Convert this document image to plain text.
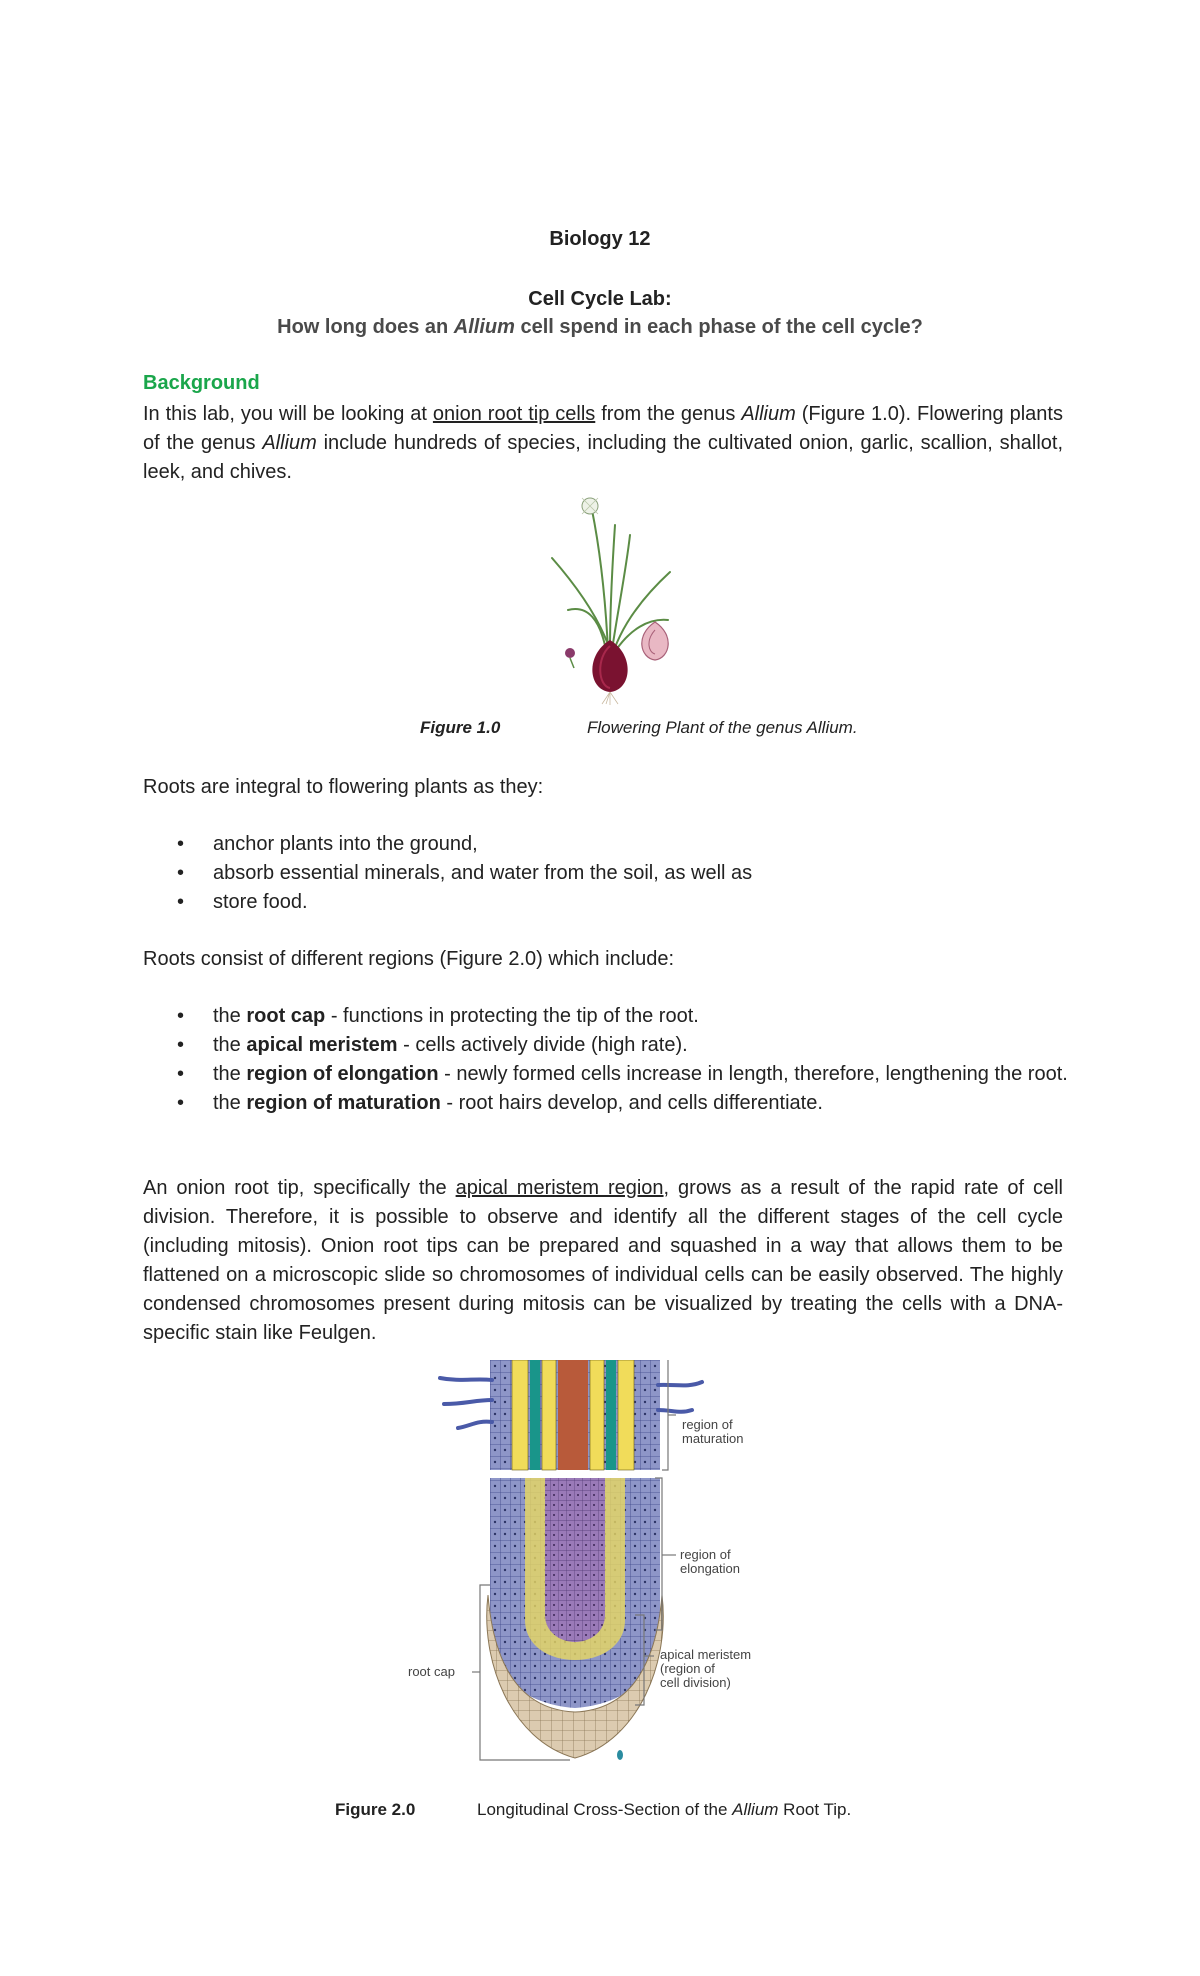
Biology 12
Cell Cycle Lab:
How long does an Allium cell spend in each phase of the cell cycle?
Background
In this lab, you will be looking at onion root tip cells from the genus Allium (Figure 1.0). Flowering plants of the genus Allium include hundreds of species, including the cultivated onion, garlic, scallion, shallot, leek, and chives.
Figure 1.0	Flowering Plant of the genus Allium.
Roots are integral to flowering plants as they:
• anchor plants into the ground,
• absorb essential minerals, and water from the soil, as well as
• store food.
Roots consist of different regions (Figure 2.0) which include:
• the root cap - functions in protecting the tip of the root.
• the apical meristem - cells actively divide (high rate).
• the region of elongation - newly formed cells increase in length, therefore, lengthening the root.
• the region of maturation - root hairs develop, and cells differentiate.
An onion root tip, specifically the apical meristem region, grows as a result of the rapid rate of cell division. Therefore, it is possible to observe and identify all the different stages of the cell cycle (including mitosis). Onion root tips can be prepared and squashed in a way that allows them to be flattened on a microscopic slide so chromosomes of individual cells can be easily observed. The highly condensed chromosomes present during mitosis can be visualized by treating the cells with a DNA-specific stain like Feulgen.
region of
maturation
region of
elongation
apical meristem
(region of
cell division)
root cap
Figure 2.0	Longitudinal Cross-Section of the Allium Root Tip.
